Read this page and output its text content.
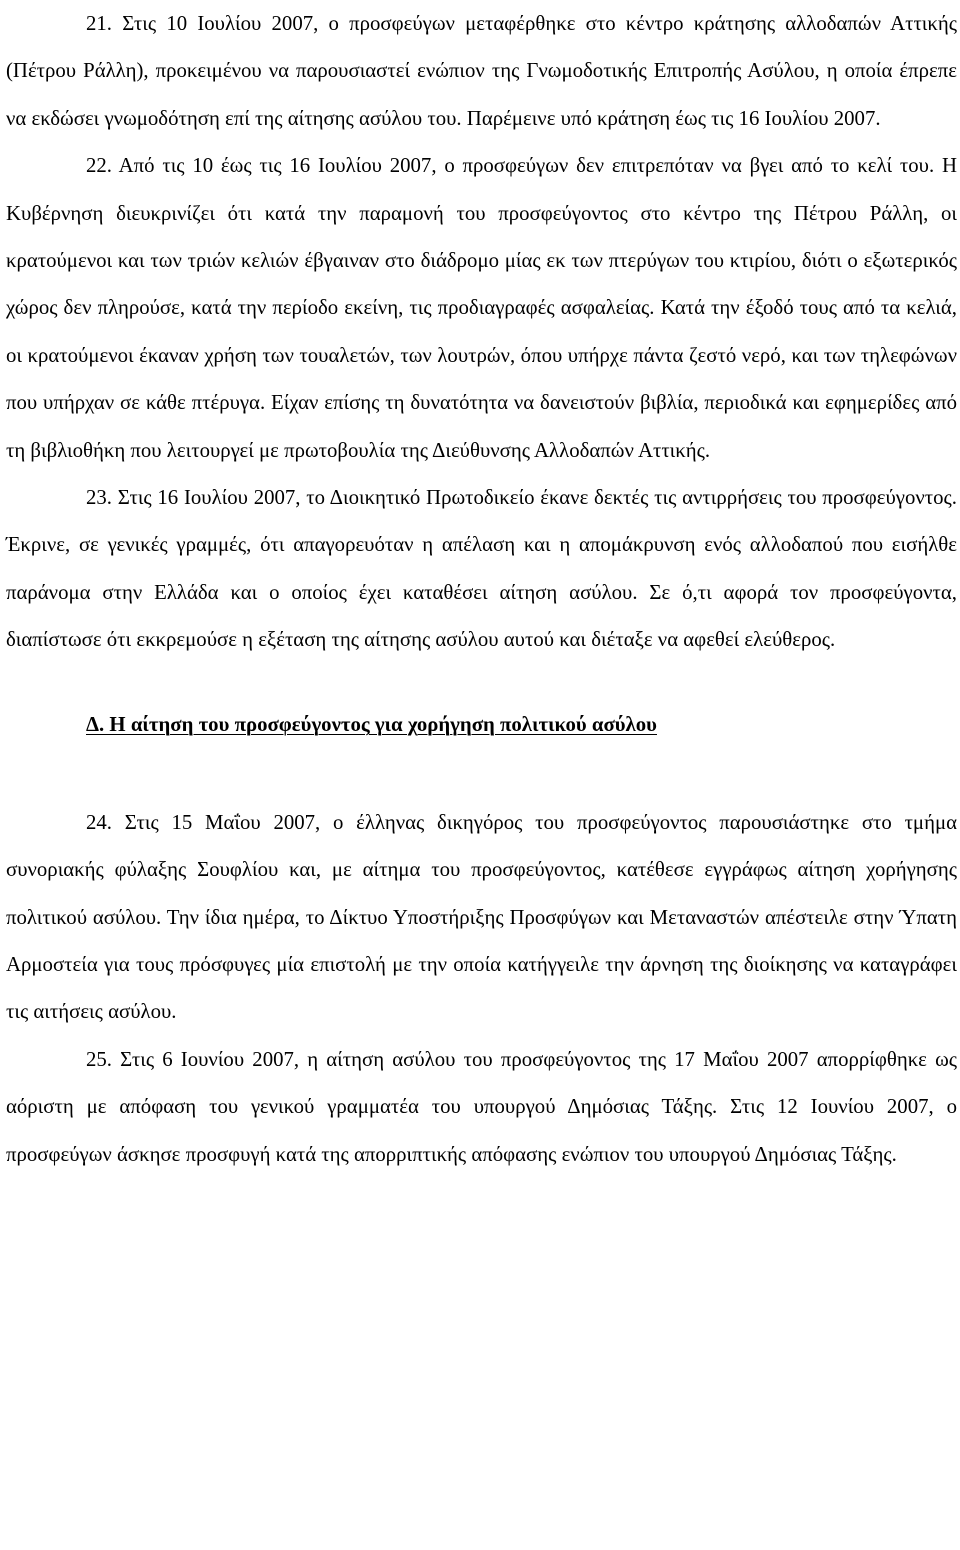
21. Στις 10 Ιουλίου 2007, ο προσφεύγων μεταφέρθηκε στο κέντρο κράτησης αλλοδαπών Αττικής (Πέτρου Ράλλη), προκειμένου να παρουσιαστεί ενώπιον της Γνωμοδοτικής Επιτροπής Ασύλου, η οποία έπρεπε να εκδώσει γνωμοδότηση επί της αίτησης ασύλου του. Παρέμεινε υπό κράτηση έως τις 16 Ιουλίου 2007.

22. Από τις 10 έως τις 16 Ιουλίου 2007, ο προσφεύγων δεν επιτρεπόταν να βγει από το κελί του. Η Κυβέρνηση διευκρινίζει ότι κατά την παραμονή του προσφεύγοντος στο κέντρο της Πέτρου Ράλλη, οι κρατούμενοι και των τριών κελιών έβγαιναν στο διάδρομο μίας εκ των πτερύγων του κτιρίου, διότι ο εξωτερικός χώρος δεν πληρούσε, κατά την περίοδο εκείνη, τις προδιαγραφές ασφαλείας. Κατά την έξοδό τους από τα κελιά, οι κρατούμενοι έκαναν χρήση των τουαλετών, των λουτρών, όπου υπήρχε πάντα ζεστό νερό, και των τηλεφώνων που υπήρχαν σε κάθε πτέρυγα. Είχαν επίσης τη δυνατότητα να δανειστούν βιβλία, περιοδικά και εφημερίδες από τη βιβλιοθήκη που λειτουργεί με πρωτοβουλία της Διεύθυνσης Αλλοδαπών Αττικής.

23. Στις 16 Ιουλίου 2007, το Διοικητικό Πρωτοδικείο έκανε δεκτές τις αντιρρήσεις του προσφεύγοντος. Έκρινε, σε γενικές γραμμές, ότι απαγορευόταν η απέλαση και η απομάκρυνση ενός αλλοδαπού που εισήλθε παράνομα στην Ελλάδα και ο οποίος έχει καταθέσει αίτηση ασύλου. Σε ό,τι αφορά τον προσφεύγοντα, διαπίστωσε ότι εκκρεμούσε η εξέταση της αίτησης ασύλου αυτού και διέταξε να αφεθεί ελεύθερος.

Δ. Η αίτηση του προσφεύγοντος για χορήγηση πολιτικού ασύλου

24. Στις 15 Μαΐου 2007, ο έλληνας δικηγόρος του προσφεύγοντος παρουσιάστηκε στο τμήμα συνοριακής φύλαξης Σουφλίου και, με αίτημα του προσφεύγοντος, κατέθεσε εγγράφως αίτηση χορήγησης πολιτικού ασύλου. Την ίδια ημέρα, το Δίκτυο Υποστήριξης Προσφύγων και Μεταναστών απέστειλε στην Ύπατη Αρμοστεία για τους πρόσφυγες μία επιστολή με την οποία κατήγγειλε την άρνηση της διοίκησης να καταγράφει τις αιτήσεις ασύλου.

25. Στις 6 Ιουνίου 2007, η αίτηση ασύλου του προσφεύγοντος της 17 Μαΐου 2007 απορρίφθηκε ως αόριστη με απόφαση του γενικού γραμματέα του υπουργού Δημόσιας Τάξης. Στις 12 Ιουνίου 2007, ο προσφεύγων άσκησε προσφυγή κατά της απορριπτικής απόφασης ενώπιον του υπουργού Δημόσιας Τάξης.
